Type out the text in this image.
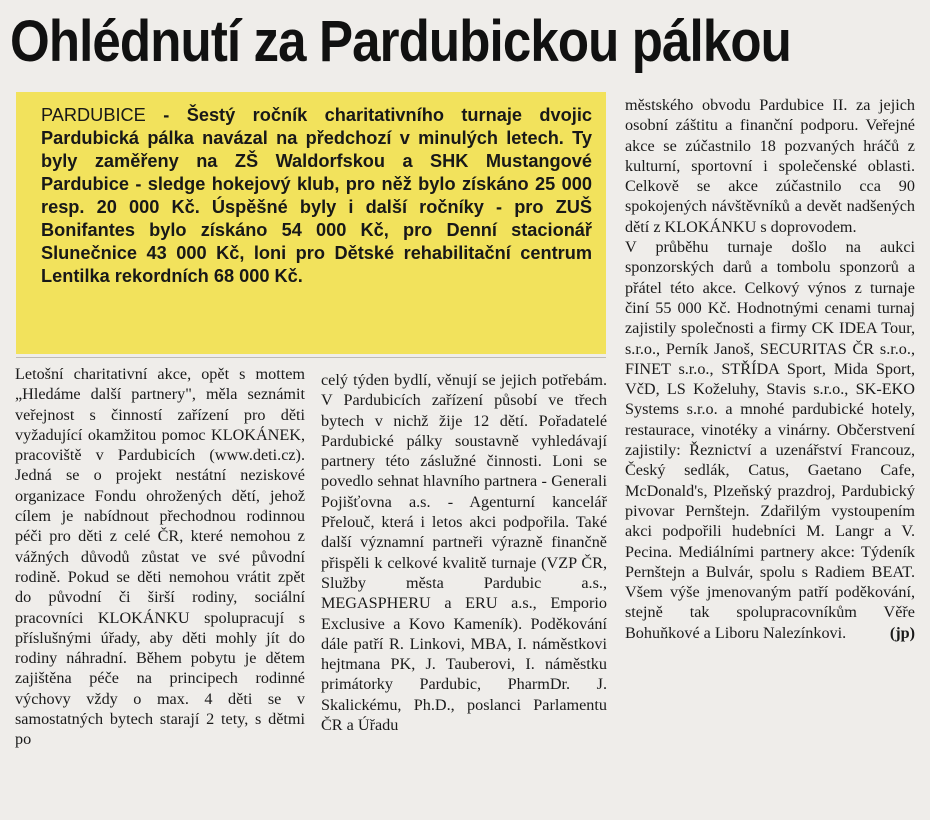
Ohlédnutí za Pardubickou pálkou
PARDUBICE - Šestý ročník charitativního turnaje dvojic Pardubická pálka navázal na předchozí v minulých letech. Ty byly zaměřeny na ZŠ Waldorfskou a SHK Mustangové Pardubice - sledge hokejový klub, pro něž bylo získáno 25 000 resp. 20 000 Kč. Úspěšné byly i další ročníky - pro ZUŠ Bonifantes bylo získáno 54 000 Kč, pro Denní stacionář Slunečnice 43 000 Kč, loni pro Dětské rehabilitační centrum Lentilka rekordních 68 000 Kč.

Letošní charitativní akce, opět s mottem „Hledáme další partnery", měla seznámit veřejnost s činností zařízení pro děti vyžadující okamžitou pomoc KLOKÁNEK, pracoviště v Pardubicích (www.deti.cz). Jedná se o projekt nestátní neziskové organizace Fondu ohrožených dětí, jehož cílem je nabídnout přechodnou rodinnou péči pro děti z celé ČR, které nemohou z vážných důvodů zůstat ve své původní rodině. Pokud se děti nemohou vrátit zpět do původní či širší rodiny, sociální pracovníci KLOKÁNKU spolupracují s příslušnými úřady, aby děti mohly jít do rodiny náhradní. Během pobytu je dětem zajištěna péče na principech rodinné výchovy vždy o max. 4 děti se v samostatných bytech starají 2 tety, s dětmi po

celý týden bydlí, věnují se jejich potřebám. V Pardubicích zařízení působí ve třech bytech v nichž žije 12 dětí. Pořadatelé Pardubické pálky soustavně vyhledávají partnery této záslužné činnosti. Loni se povedlo sehnat hlavního partnera - Generali Pojišťovna a.s. - Agenturní kancelář Přelouč, která i letos akci podpořila. Také další významní partneři výrazně finančně přispěli k celkové kvalitě turnaje (VZP ČR, Služby města Pardubic a.s., MEGASPHERU a ERU a.s., Emporio Exclusive a Kovo Kameník). Poděkování dále patří R. Linkovi, MBA, I. náměstkovi hejtmana PK, J. Tauberovi, I. náměstku primátorky Pardubic, PharmDr. J. Skalickému, Ph.D., poslanci Parlamentu ČR a Úřadu

městského obvodu Pardubice II. za jejich osobní záštitu a finanční podporu. Veřejné akce se zúčastnilo 18 pozvaných hráčů z kulturní, sportovní i společenské oblasti. Celkově se akce zúčastnilo cca 90 spokojených návštěvníků a devět nadšených dětí z KLOKÁNKU s doprovodem.

V průběhu turnaje došlo na aukci sponzorských darů a tombolu sponzorů a přátel této akce. Celkový výnos z turnaje činí 55 000 Kč. Hodnotnými cenami turnaj zajistily společnosti a firmy CK IDEA Tour, s.r.o., Perník Janoš, SECURITAS ČR s.r.o., FINET s.r.o., STŘÍDA Sport, Mida Sport, VčD, LS Koželuhy, Stavis s.r.o., SK-EKO Systems s.r.o. a mnohé pardubické hotely, restaurace, vinotéky a vinárny. Občerstvení zajistily: Řeznictví a uzenářství Francouz, Český sedlák, Catus, Gaetano Cafe, McDonald's, Plzeňský prazdroj, Pardubický pivovar Pernštejn. Zdařilým vystoupením akci podpořili hudebníci M. Langr a V. Pecina. Mediálními partnery akce: Týdeník Pernštejn a Bulvár, spolu s Radiem BEAT. Všem výše jmenovaným patří poděkování, stejně tak spolupracovníkům Věře Bohuňkové a Liboru Nalezínkovi.	(jp)
